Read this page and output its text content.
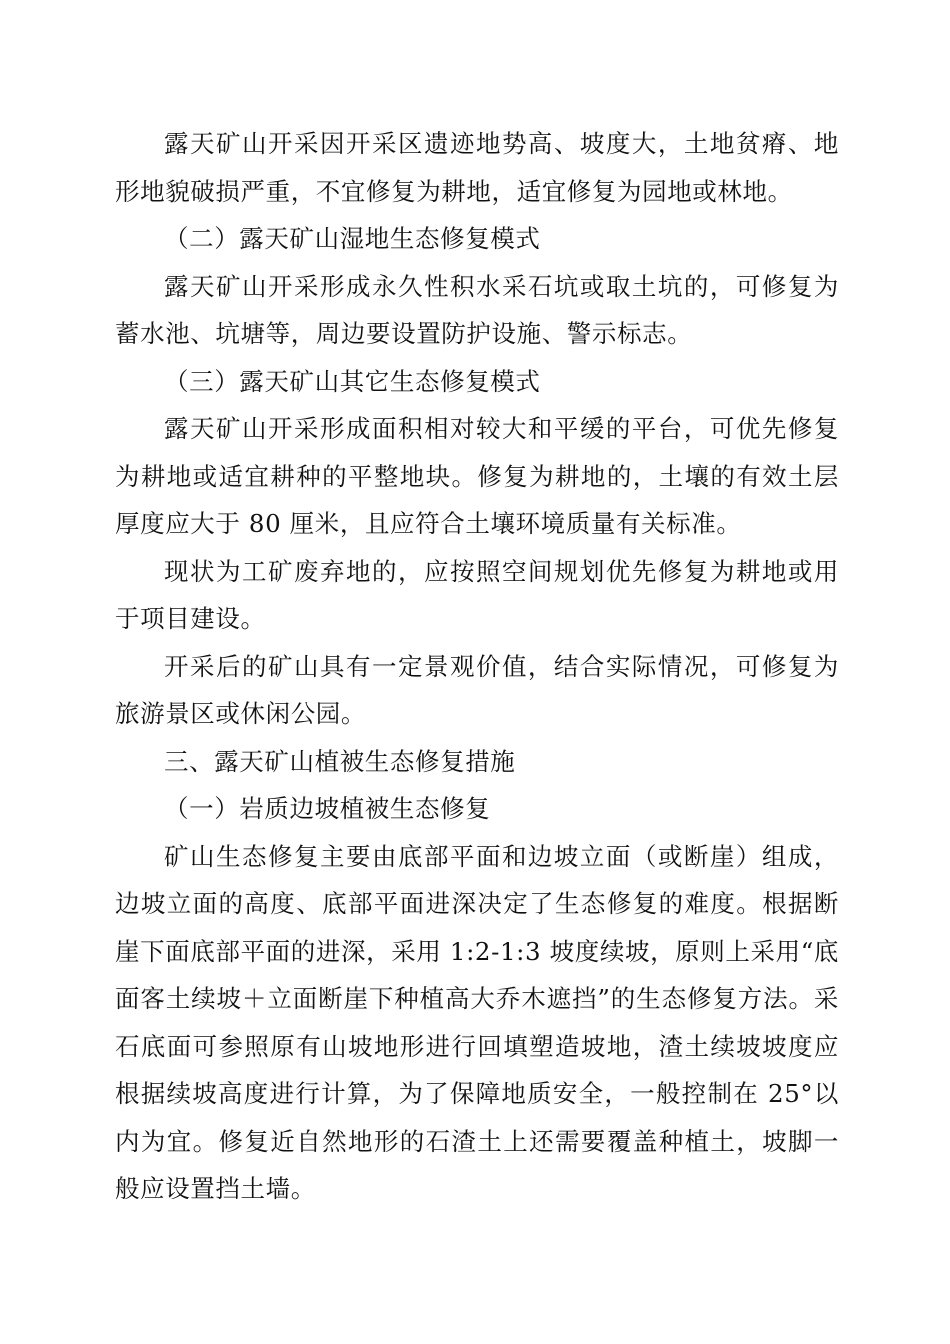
露天矿山开采因开采区遗迹地势高、坡度大，土地贫瘠、地形地貌破损严重，不宜修复为耕地，适宜修复为园地或林地。

（二）露天矿山湿地生态修复模式

露天矿山开采形成永久性积水采石坑或取土坑的，可修复为蓄水池、坑塘等，周边要设置防护设施、警示标志。

（三）露天矿山其它生态修复模式

露天矿山开采形成面积相对较大和平缓的平台，可优先修复为耕地或适宜耕种的平整地块。修复为耕地的，土壤的有效土层厚度应大于 80 厘米，且应符合土壤环境质量有关标准。

现状为工矿废弃地的，应按照空间规划优先修复为耕地或用于项目建设。

开采后的矿山具有一定景观价值，结合实际情况，可修复为旅游景区或休闲公园。

三、露天矿山植被生态修复措施

（一）岩质边坡植被生态修复

矿山生态修复主要由底部平面和边坡立面（或断崖）组成，边坡立面的高度、底部平面进深决定了生态修复的难度。根据断崖下面底部平面的进深，采用 1:2-1:3 坡度续坡，原则上采用“底面客土续坡＋立面断崖下种植高大乔木遮挡”的生态修复方法。采石底面可参照原有山坡地形进行回填塑造坡地，渣土续坡坡度应根据续坡高度进行计算，为了保障地质安全，一般控制在 25°以内为宜。修复近自然地形的石渣土上还需要覆盖种植土，坡脚一般应设置挡土墙。
